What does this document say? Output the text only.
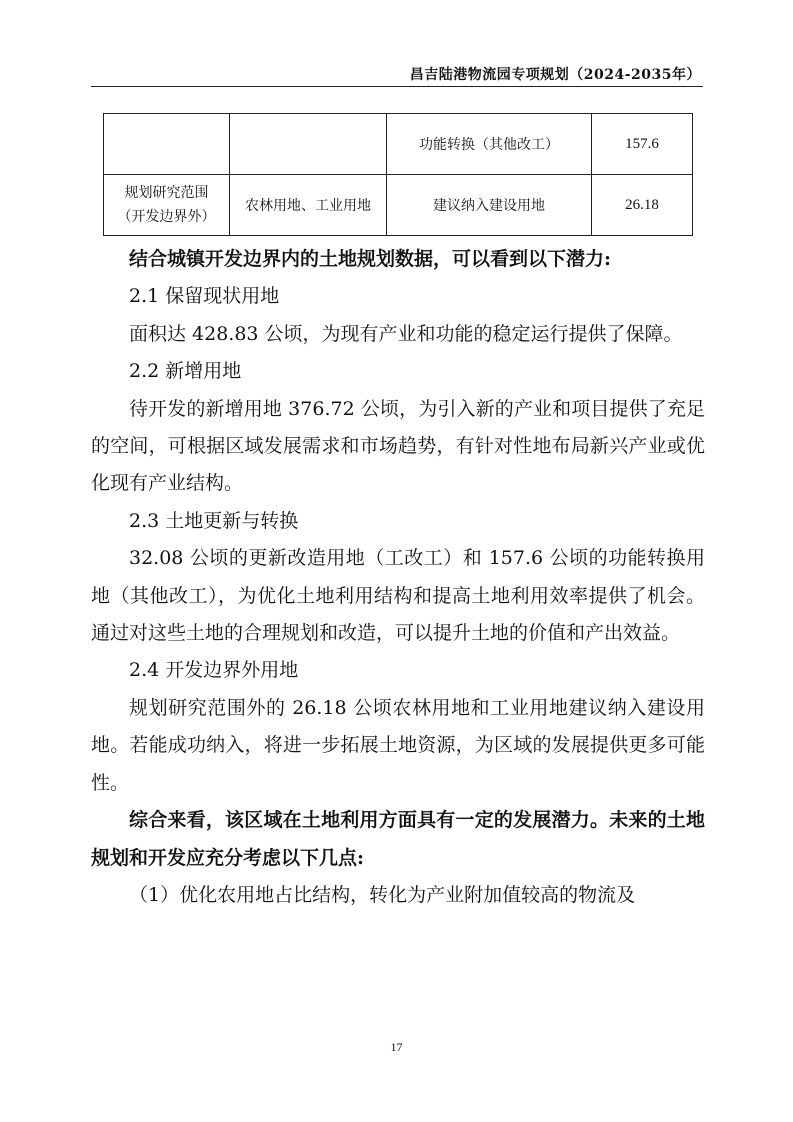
昌吉陆港物流园专项规划（2024-2035年）
		功能转换（其他改工）	157.6

规划研究范围
（开发边界外）	农林用地、工业用地	建议纳入建设用地	26.18

结合城镇开发边界内的土地规划数据，可以看到以下潜力:

2.1 保留现状用地

面积达 428.83 公顷，为现有产业和功能的稳定运行提供了保障。

2.2 新增用地

待开发的新增用地 376.72 公顷，为引入新的产业和项目提供了充足的空间，可根据区域发展需求和市场趋势，有针对性地布局新兴产业或优化现有产业结构。

2.3 土地更新与转换

32.08 公顷的更新改造用地（工改工）和 157.6 公顷的功能转换用地（其他改工），为优化土地利用结构和提高土地利用效率提供了机会。通过对这些土地的合理规划和改造，可以提升土地的价值和产出效益。

2.4 开发边界外用地

规划研究范围外的 26.18 公顷农林用地和工业用地建议纳入建设用地。若能成功纳入，将进一步拓展土地资源，为区域的发展提供更多可能性。

综合来看，该区域在土地利用方面具有一定的发展潜力。未来的土地规划和开发应充分考虑以下几点:

（1）优化农用地占比结构，转化为产业附加值较高的物流及

17
